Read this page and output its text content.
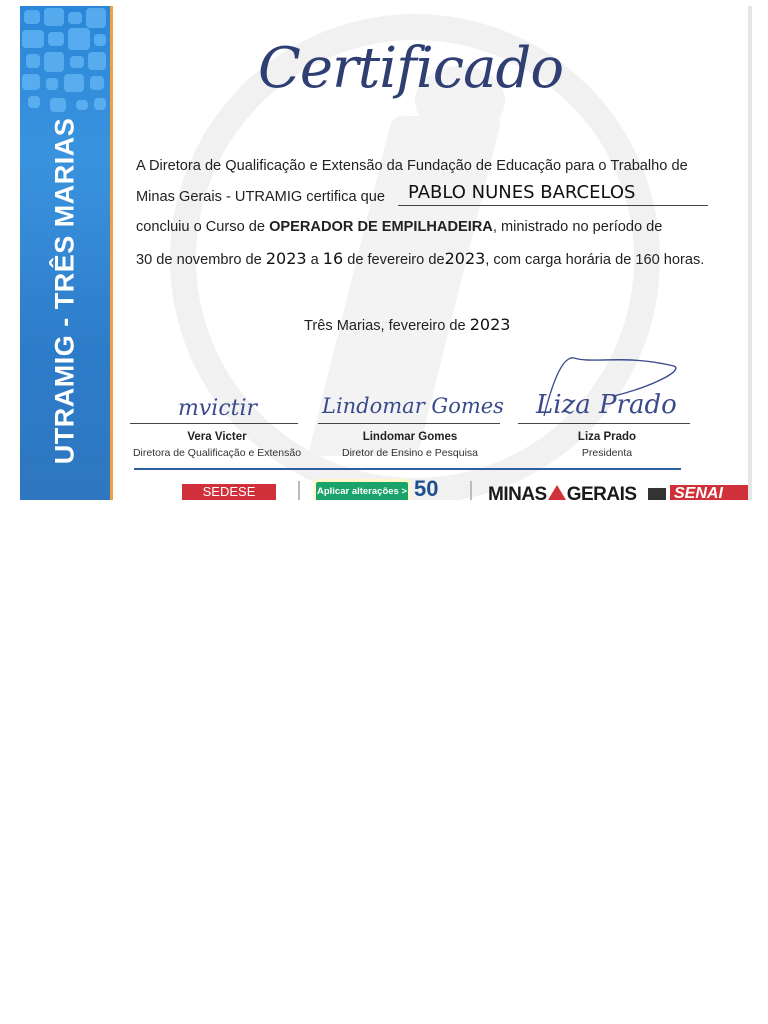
UTRAMIG - TRÊS MARIAS
Certificado
A Diretora de Qualificação e Extensão da Fundação de Educação para o Trabalho de
Minas Gerais - UTRAMIG certifica que PABLO NUNES BARCELOS
concluiu o Curso de OPERADOR DE EMPILHADEIRA, ministrado no período de
30 de novembro de 2023 a 16 de fevereiro de2023, com carga horária de 160 horas.
Três Marias, fevereiro de 2023
mvictir
Vera Victer
Diretora de Qualificação e Extensão
Lindomar Gomes
Lindomar Gomes
Diretor de Ensino e Pesquisa
Liza Prado
Liza Prado
Presidenta
SEDESE	Aplicar alterações > 50	MINAS GERAIS SENAI
